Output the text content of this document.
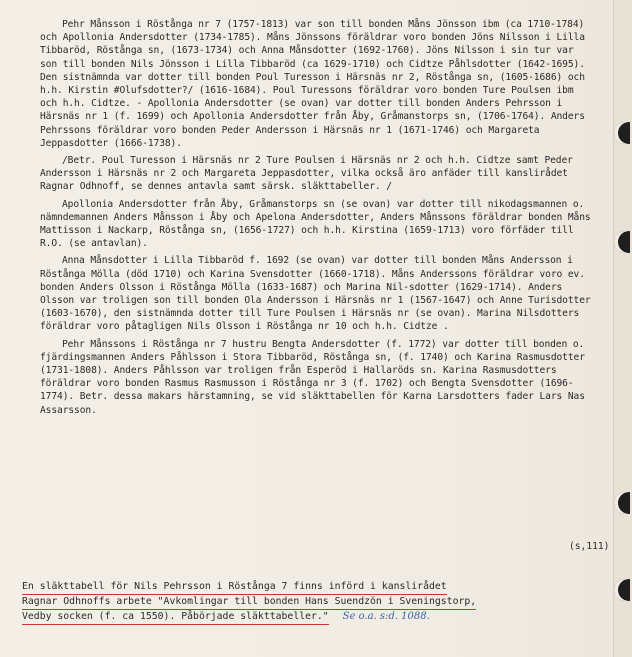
Pehr Månsson i Röstånga nr 7 (1757-1813) var son till bonden Måns Jönsson ibm (ca 1710-1784) och Apollonia Andersdotter (1734-1785). Måns Jönssons föräldrar voro bonden Jöns Nilsson i Lilla Tibbaröd, Röstånga sn, (1673-1734) och Anna Månsdotter (1692-1760). Jöns Nilsson i sin tur var son till bonden Nils Jönsson i Lilla Tibbaröd (ca 1629-1710) och Cidtze Påhlsdotter (1642-1695). Den sistnämnda var dotter till bonden Poul Turesson i Härsnäs nr 2, Röstånga sn, (1605-1686) och h.h. Kirstin #Olufsdotter?/ (1616-1684). Poul Turessons föräldrar voro bonden Ture Poulsen ibm och h.h. Cidtze. - Apollonia Andersdotter (se ovan) var dotter till bonden Anders Pehrsson i Härsnäs nr 1 (f. 1699) och Apollonia Andersdotter från Åby, Gråmanstorps sn, (1706-1764). Anders Pehrssons föräldrar voro bonden Peder Andersson i Härsnäs nr 1 (1671-1746) och Margareta Jeppasdotter (1666-1738).

/Betr. Poul Turesson i Härsnäs nr 2 Ture Poulsen i Härsnäs nr 2 och h.h. Cidtze samt Peder Andersson i Härsnäs nr 2 och Margareta Jeppasdotter, vilka också äro anfäder till kanslirådet Ragnar Odhnoff, se dennes antavla samt särsk. släkttabeller. /

Apollonia Andersdotter från Åby, Gråmanstorps sn (se ovan) var dotter till nikodagsmannen o. nämndemannen Anders Månsson i Åby och Apelona Andersdotter, Anders Månssons föräldrar bonden Måns Mattisson i Nackarp, Röstånga sn, (1656-1727) och h.h. Kirstina (1659-1713) voro förfäder till R.O. (se antavlan).

Anna Månsdotter i Lilla Tibbaröd f. 1692 (se ovan) var dotter till bonden Måns Andersson i Röstånga Mölla (död 1710) och Karina Svensdotter (1660-1718). Måns Anderssons föräldrar voro ev. bonden Anders Olsson i Röstånga Mölla (1633-1687) och Marina Nil-sdotter (1629-1714). Anders Olsson var troligen son till bonden Ola Andersson i Härsnäs nr 1 (1567-1647) och Anne Turisdotter (1603-1670), den sistnämnda dotter till Ture Poulsen i Härsnäs nr (se ovan). Marina Nilsdotters föräldrar voro påtagligen Nils Olsson i Röstånga nr 10 och h.h. Cidtze .

Pehr Månssons i Röstånga nr 7 hustru Bengta Andersdotter (f. 1772) var dotter till bonden o. fjärdingsmannen Anders Påhlsson i Stora Tibbaröd, Röstånga sn, (f. 1740) och Karina Rasmusdotter (1731-1808). Anders Påhlsson var troligen från Esperöd i Hallaröds sn. Karina Rasmusdotters föräldrar voro bonden Rasmus Rasmusson i Röstånga nr 3 (f. 1702) och Bengta Svensdotter (1696-1774). Betr. dessa makars härstamning, se vid släkttabellen för Karna Larsdotters fader Lars Nas Assarsson.

(s,111)
En släkttabell för Nils Pehrsson i Röstånga 7 finns införd i kanslirådet
Ragnar Odhnoffs arbete "Avkomlingar till bonden Hans Suendzön i Sveningstorp,
Vedby socken (f. ca 1550). Påbörjade släkttabeller." Se o.a. s:d. 1088.
